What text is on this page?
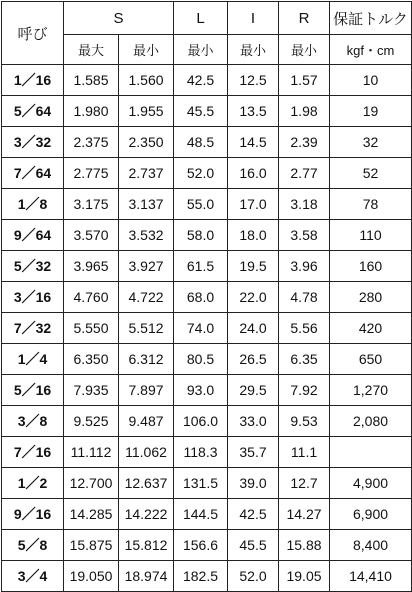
呼び	S		L	I	R	保証トルク
	最大	最小	最小	最小	最小	kgf・cm
1／16	1.585	1.560	42.5	12.5	1.57	10
5／64	1.980	1.955	45.5	13.5	1.98	19
3／32	2.375	2.350	48.5	14.5	2.39	32
7／64	2.775	2.737	52.0	16.0	2.77	52
1／8	3.175	3.137	55.0	17.0	3.18	78
9／64	3.570	3.532	58.0	18.0	3.58	110
5／32	3.965	3.927	61.5	19.5	3.96	160
3／16	4.760	4.722	68.0	22.0	4.78	280
7／32	5.550	5.512	74.0	24.0	5.56	420
1／4	6.350	6.312	80.5	26.5	6.35	650
5／16	7.935	7.897	93.0	29.5	7.92	1,270
3／8	9.525	9.487	106.0	33.0	9.53	2,080
7／16	11.112	11.062	118.3	35.7	11.1	
1／2	12.700	12.637	131.5	39.0	12.7	4,900
9／16	14.285	14.222	144.5	42.5	14.27	6,900
5／8	15.875	15.812	156.6	45.5	15.88	8,400
3／4	19.050	18.974	182.5	52.0	19.05	14,410
